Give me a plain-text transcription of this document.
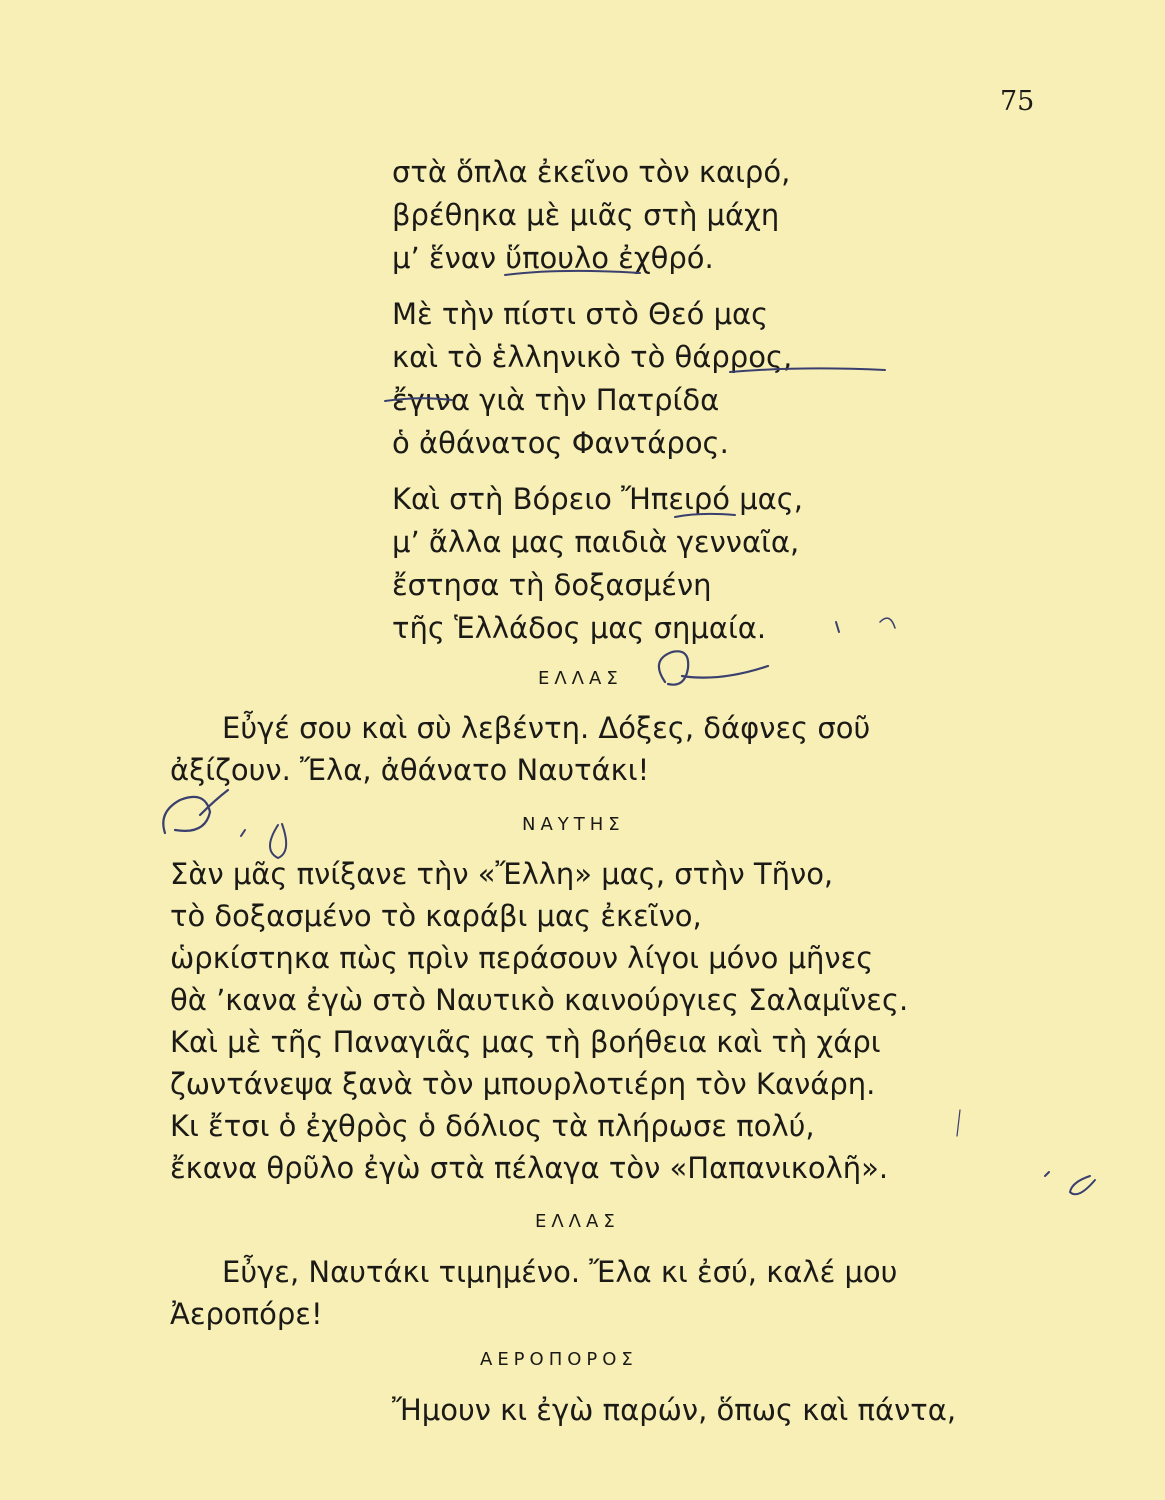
75
στὰ ὅπλα ἐκεῖνο τὸν καιρό,
βρέθηκα μὲ μιᾶς στὴ μάχη
μ’ ἕναν ὕπουλο ἐχθρό.
Μὲ τὴν πίστι στὸ Θεό μας
καὶ τὸ ἑλληνικὸ τὸ θάρρος,
ἔγινα γιὰ τὴν Πατρίδα
ὁ ἀθάνατος Φαντάρος.
Καὶ στὴ Βόρειο Ἤπειρό μας,
μ’ ἄλλα μας παιδιὰ γενναῖα,
ἔστησα τὴ δοξασμένη
τῆς Ἑλλάδος μας σημαία.
ΕΛΛΑΣ
Εὖγέ σου καὶ σὺ λεβέντη. Δόξες, δάφνες σοῦ
ἀξίζουν. Ἔλα, ἀθάνατο Ναυτάκι!
ΝΑΥΤΗΣ
Σὰν μᾶς πνίξανε τὴν «Ἔλλη» μας, στὴν Τῆνο,
τὸ δοξασμένο τὸ καράβι μας ἐκεῖνο,
ὡρκίστηκα πὼς πρὶν περάσουν λίγοι μόνο μῆνες
θὰ ’κανα ἐγὼ στὸ Ναυτικὸ καινούργιες Σαλαμῖνες.
Καὶ μὲ τῆς Παναγιᾶς μας τὴ βοήθεια καὶ τὴ χάρι
ζωντάνεψα ξανὰ τὸν μπουρλοτιέρη τὸν Κανάρη.
Κι ἔτσι ὁ ἐχθρὸς ὁ δόλιος τὰ πλήρωσε πολύ,
ἔκανα θρῦλο ἐγὼ στὰ πέλαγα τὸν «Παπανικολῆ».
ΕΛΛΑΣ
Εὖγε, Ναυτάκι τιμημένο. Ἔλα κι ἐσύ, καλέ μου
Ἀεροπόρε!
ΑΕΡΟΠΟΡΟΣ
Ἤμουν κι ἐγὼ παρών, ὅπως καὶ πάντα,
